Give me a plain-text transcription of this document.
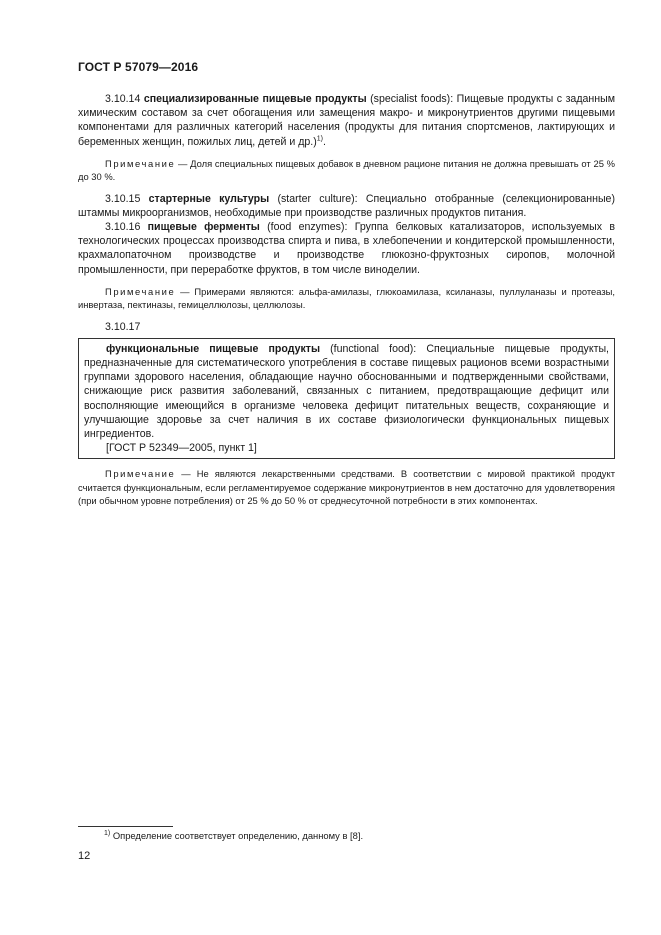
ГОСТ Р 57079—2016

3.10.14 специализированные пищевые продукты (specialist foods): Пищевые продукты с заданным химическим составом за счет обогащения или замещения макро- и микронутриентов другими пищевыми компонентами для различных категорий населения (продукты для питания спортсменов, лактирующих и беременных женщин, пожилых лиц, детей и др.)$^{1)}$.

Примечание — Доля специальных пищевых добавок в дневном рационе питания не должна превышать от 25 % до 30 %.

3.10.15 стартерные культуры (starter culture): Специально отобранные (селекционированные) штаммы микроорганизмов, необходимые при производстве различных продуктов питания.

3.10.16 пищевые ферменты (food enzymes): Группа белковых катализаторов, используемых в технологических процессах производства спирта и пива, в хлебопечении и кондитерской промышленности, крахмалопаточном производстве и производстве глюкозно-фруктозных сиропов, молочной промышленности, при переработке фруктов, в том числе виноделии.

Примечание — Примерами являются: альфа-амилазы, глюкоамилаза, ксиланазы, пуллуланазы и протеазы, инвертаза, пектиназы, гемицеллюлозы, целлюлозы.

3.10.17

функциональные пищевые продукты (functional food): Специальные пищевые продукты, предназначенные для систематического употребления в составе пищевых рационов всеми возрастными группами здорового населения, обладающие научно обоснованными и подтвержденными свойствами, снижающие риск развития заболеваний, связанных с питанием, предотвращающие дефицит или восполняющие имеющийся в организме человека дефицит питательных веществ, сохраняющие и улучшающие здоровье за счет наличия в их составе физиологически функциональных пищевых ингредиентов.

[ГОСТ Р 52349—2005, пункт 1]

Примечание — Не являются лекарственными средствами. В соответствии с мировой практикой продукт считается функциональным, если регламентируемое содержание микронутриентов в нем достаточно для удовлетворения (при обычном уровне потребления) от 25 % до 50 % от среднесуточной потребности в этих компонентах.

$^{1)}$ Определение соответствует определению, данному в [8].
12
